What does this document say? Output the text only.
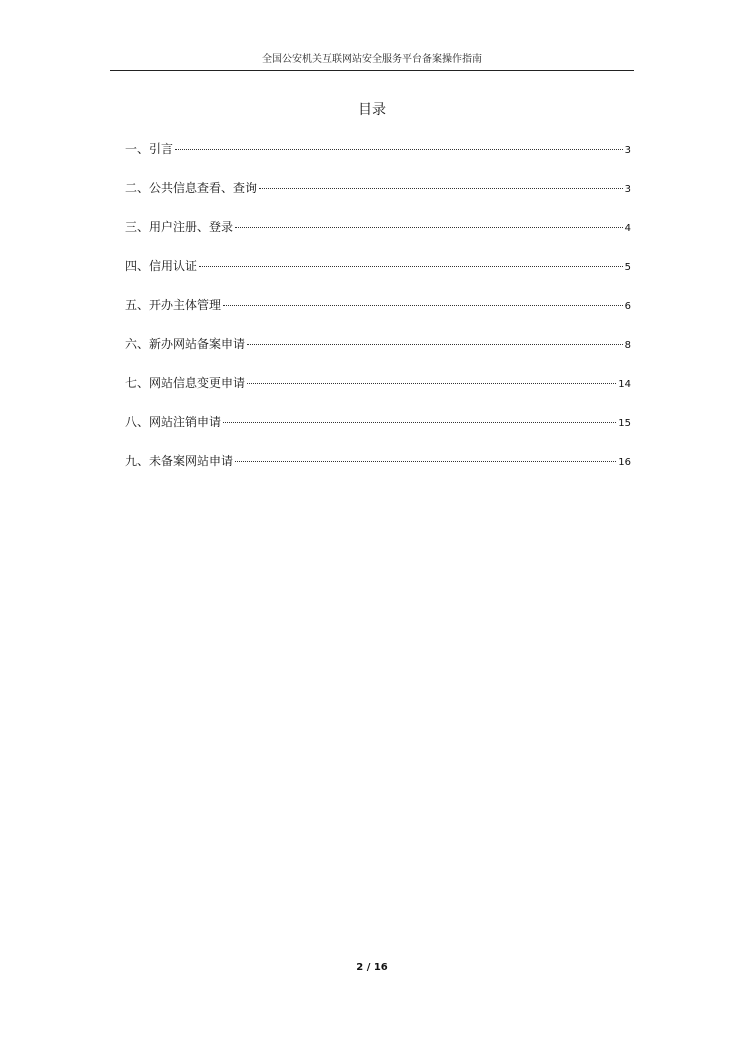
全国公安机关互联网站安全服务平台备案操作指南
目录
一、引言	3
二、公共信息查看、查询	3
三、用户注册、登录	4
四、信用认证	5
五、开办主体管理	6
六、新办网站备案申请	8
七、网站信息变更申请	14
八、网站注销申请	15
九、未备案网站申请	16
2 / 16
